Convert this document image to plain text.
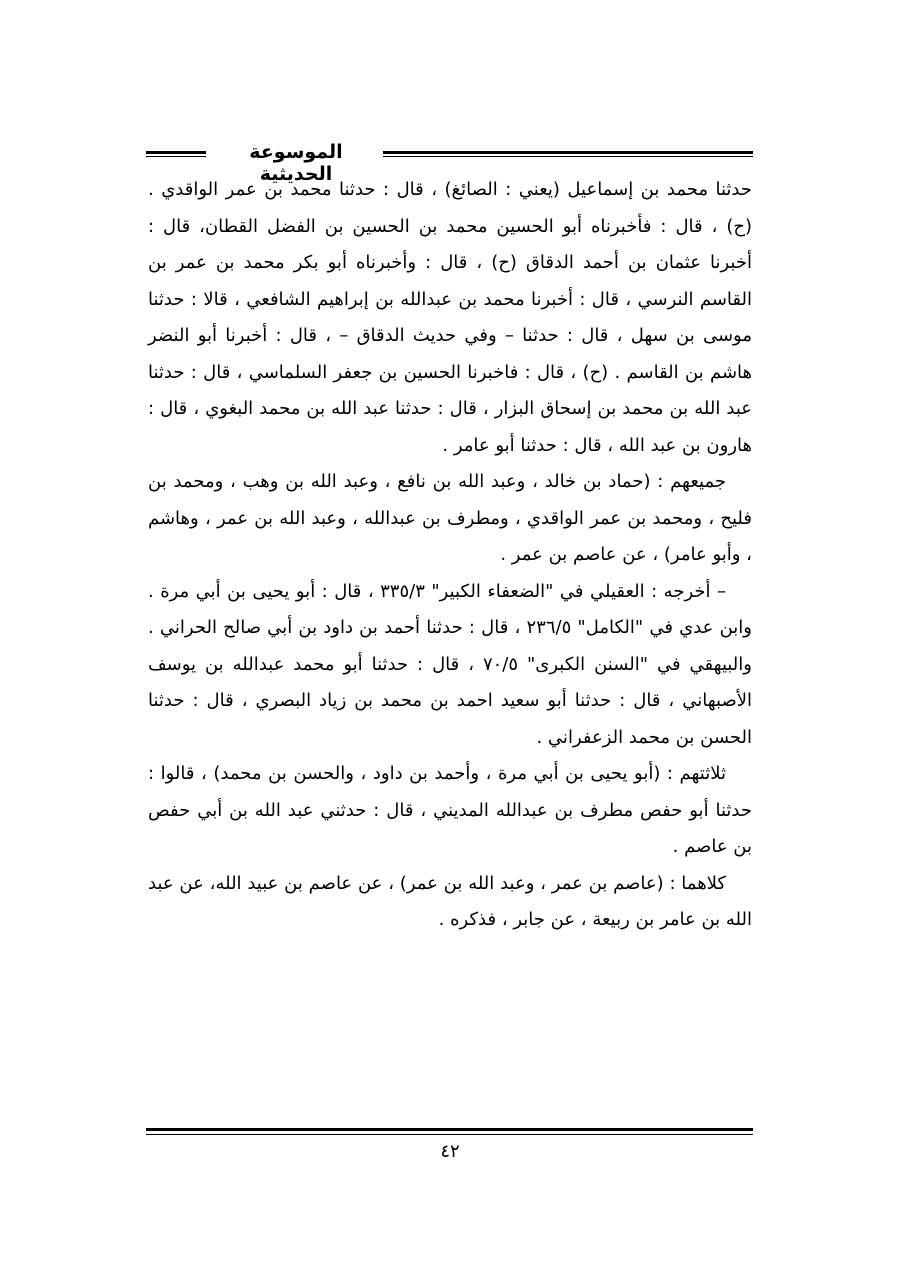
الموسوعة الحديثية

حدثنا محمد بن إسماعيل (يعني : الصائغ) ، قال : حدثنا محمد بن عمر الواقدي . (ح) ، قال : فأخبرناه أبو الحسين محمد بن الحسين بن الفضل القطان، قال : أخبرنا عثمان بن أحمد الدقاق (ح) ، قال : وأخبرناه أبو بكر محمد بن عمر بن القاسم النرسي ، قال : أخبرنا محمد بن عبدالله بن إبراهيم الشافعي ، قالا : حدثنا موسى بن سهل ، قال : حدثنا – وفي حديث الدقاق – ، قال : أخبرنا أبو النضر هاشم بن القاسم . (ح) ، قال : فاخبرنا الحسين بن جعفر السلماسي ، قال : حدثنا عبد الله بن محمد بن إسحاق البزار ، قال : حدثنا عبد الله بن محمد البغوي ، قال : هارون بن عبد الله ، قال : حدثنا أبو عامر .

جميعهم : (حماد بن خالد ، وعبد الله بن نافع ، وعبد الله بن وهب ، ومحمد بن فليح ، ومحمد بن عمر الواقدي ، ومطرف بن عبدالله ، وعبد الله بن عمر ، وهاشم ، وأبو عامر) ، عن عاصم بن عمر .

– أخرجه : العقيلي في "الضعفاء الكبير" ٣٣٥/٣ ، قال : أبو يحيى بن أبي مرة . وابن عدي في "الكامل" ٢٣٦/٥ ، قال : حدثنا أحمد بن داود بن أبي صالح الحراني . والبيهقي في "السنن الكبرى" ٧٠/٥ ، قال : حدثنا أبو محمد عبدالله بن يوسف الأصبهاني ، قال : حدثنا أبو سعيد احمد بن محمد بن زياد البصري ، قال : حدثنا الحسن بن محمد الزعفراني .

ثلاثتهم : (أبو يحيى بن أبي مرة ، وأحمد بن داود ، والحسن بن محمد) ، قالوا : حدثنا أبو حفص مطرف بن عبدالله المديني ، قال : حدثني عبد الله بن أبي حفص بن عاصم .

كلاهما : (عاصم بن عمر ، وعبد الله بن عمر) ، عن عاصم بن عبيد الله، عن عبد الله بن عامر بن ربيعة ، عن جابر ، فذكره .

٤٢
